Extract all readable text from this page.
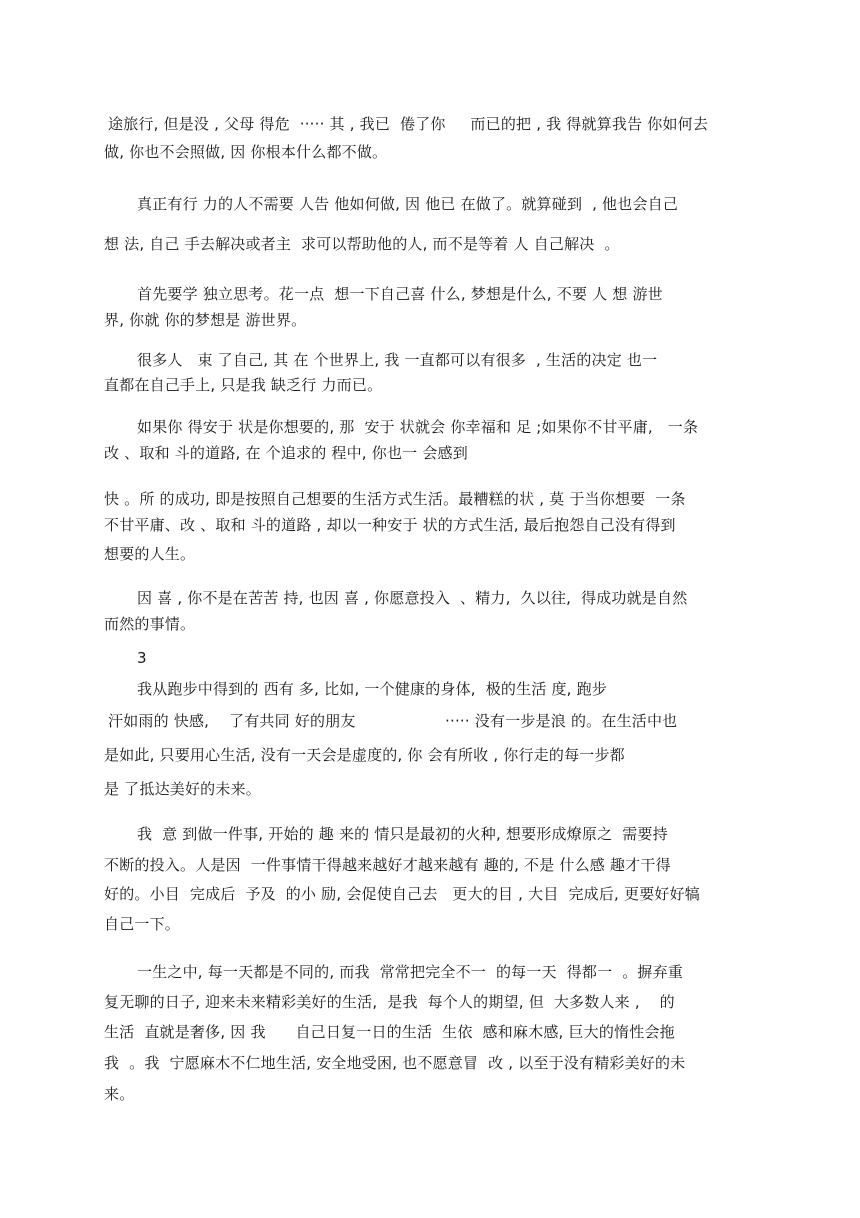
途旅行, 但是没 , 父母 得危  ····· 其 , 我已  倦了你     而已的把 , 我 得就算我告 你如何去
做, 你也不会照做, 因 你根本什么都不做。
真正有行 力的人不需要 人告 他如何做, 因 他已 在做了。就算碰到  , 他也会自己
想 法, 自己 手去解决或者主  求可以帮助他的人, 而不是等着 人 自己解决  。
首先要学 独立思考。花一点  想一下自己喜 什么, 梦想是什么, 不要 人 想 游世
界, 你就 你的梦想是 游世界。
很多人   束 了自己, 其 在 个世界上, 我 一直都可以有很多  , 生活的决定 也一
直都在自己手上, 只是我 缺乏行 力而已。
如果你 得安于 状是你想要的, 那  安于 状就会 你幸福和 足 ;如果你不甘平庸,   一条
改 、取和 斗的道路, 在 个追求的 程中, 你也一 会感到
快 。所 的成功, 即是按照自己想要的生活方式生活。最糟糕的状 , 莫 于当你想要  一条
不甘平庸、改 、取和 斗的道路 , 却以一种安于 状的方式生活, 最后抱怨自己没有得到
想要的人生。
因 喜 , 你不是在苦苦 持, 也因 喜 , 你愿意投入  、精力,  久以往,  得成功就是自然
而然的事情。
3
我从跑步中得到的 西有 多, 比如, 一个健康的身体,  极的生活 度, 跑步
汗如雨的 快感,    了有共同 好的朋友                  ····· 没有一步是浪 的。在生活中也
是如此, 只要用心生活, 没有一天会是虚度的, 你 会有所收 , 你行走的每一步都
是 了抵达美好的未来。
我  意 到做一件事, 开始的 趣 来的 情只是最初的火种, 想要形成燎原之  需要持
不断的投入。人是因  一件事情干得越来越好才越来越有 趣的, 不是 什么感 趣才干得
好的。小目  完成后  予及  的小 励, 会促使自己去   更大的目 , 大目  完成后, 更要好好犒
自己一下。
一生之中, 每一天都是不同的, 而我  常常把完全不一  的每一天  得都一  。摒弃重
复无聊的日子, 迎来未来精彩美好的生活,  是我  每个人的期望, 但  大多数人来 ,    的
生活  直就是奢侈, 因 我      自己日复一日的生活  生依  感和麻木感, 巨大的惰性会拖
我  。我  宁愿麻木不仁地生活, 安全地受困, 也不愿意冒  改 , 以至于没有精彩美好的未
来。
